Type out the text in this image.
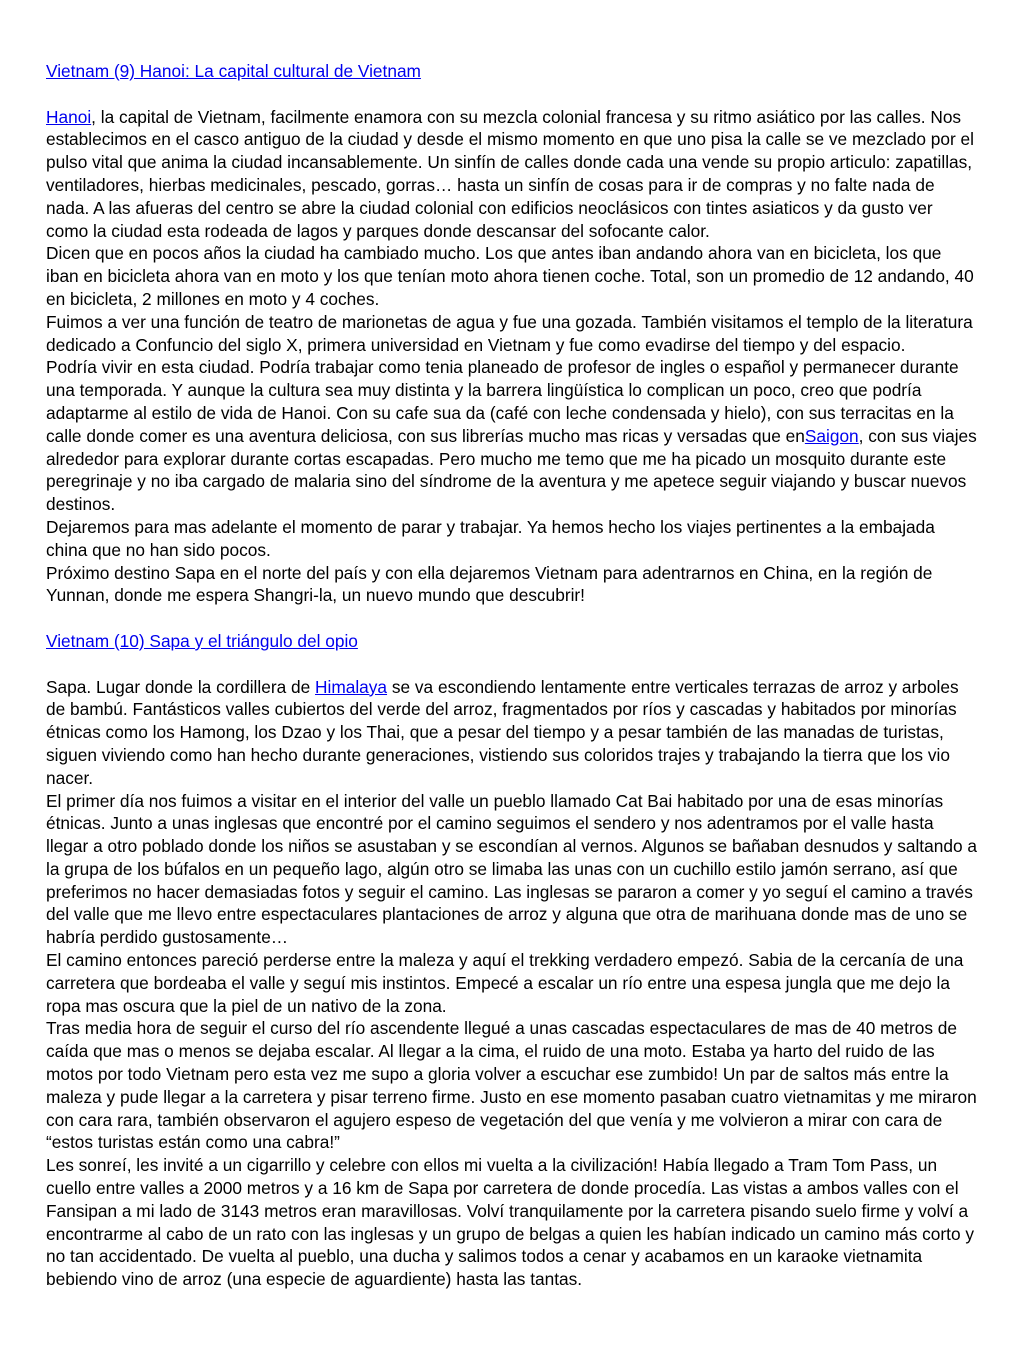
Vietnam (9) Hanoi: La capital cultural de Vietnam

Hanoi, la capital de Vietnam, facilmente enamora con su mezcla colonial francesa y su ritmo asiático por las calles. Nos establecimos en el casco antiguo de la ciudad y desde el mismo momento en que uno pisa la calle se ve mezclado por el pulso vital que anima la ciudad incansablemente. Un sinfín de calles donde cada una vende su propio articulo: zapatillas, ventiladores, hierbas medicinales, pescado, gorras… hasta un sinfín de cosas para ir de compras y no falte nada de nada. A las afueras del centro se abre la ciudad colonial con edificios neoclásicos con tintes asiaticos y da gusto ver como la ciudad esta rodeada de lagos y parques donde descansar del sofocante calor.

Dicen que en pocos años la ciudad ha cambiado mucho. Los que antes iban andando ahora van en bicicleta, los que iban en bicicleta ahora van en moto y los que tenían moto ahora tienen coche. Total, son un promedio de 12 andando, 40 en bicicleta, 2 millones en moto y 4 coches.

Fuimos a ver una función de teatro de marionetas de agua y fue una gozada. También visitamos el templo de la literatura dedicado a Confuncio del siglo X, primera universidad en Vietnam y fue como evadirse del tiempo y del espacio.

Podría vivir en esta ciudad. Podría trabajar como tenia planeado de profesor de ingles o español y permanecer durante una temporada. Y aunque la cultura sea muy distinta y la barrera lingüística lo complican un poco, creo que podría adaptarme al estilo de vida de Hanoi. Con su cafe sua da (café con leche condensada y hielo), con sus terracitas en la calle donde comer es una aventura deliciosa, con sus librerías mucho mas ricas y versadas que enSaigon, con sus viajes alrededor para explorar durante cortas escapadas. Pero mucho me temo que me ha picado un mosquito durante este peregrinaje y no iba cargado de malaria sino del síndrome de la aventura y me apetece seguir viajando y buscar nuevos destinos.

Dejaremos para mas adelante el momento de parar y trabajar. Ya hemos hecho los viajes pertinentes a la embajada china que no han sido pocos.

Próximo destino Sapa en el norte del país y con ella dejaremos Vietnam para adentrarnos en China, en la región de Yunnan, donde me espera Shangri-la, un nuevo mundo que descubrir!

Vietnam (10) Sapa y el triángulo del opio

Sapa. Lugar donde la cordillera de Himalaya se va escondiendo lentamente entre verticales terrazas de arroz y arboles de bambú. Fantásticos valles cubiertos del verde del arroz, fragmentados por ríos y cascadas y habitados por minorías étnicas como los Hamong, los Dzao y los Thai, que a pesar del tiempo y a pesar también de las manadas de turistas, siguen viviendo como han hecho durante generaciones, vistiendo sus coloridos trajes y trabajando la tierra que los vio nacer.

El primer día nos fuimos a visitar en el interior del valle un pueblo llamado Cat Bai habitado por una de esas minorías étnicas. Junto a unas inglesas que encontré por el camino seguimos el sendero y nos adentramos por el valle hasta llegar a otro poblado donde los niños se asustaban y se escondían al vernos. Algunos se bañaban desnudos y saltando a la grupa de los búfalos en un pequeño lago, algún otro se limaba las unas con un cuchillo estilo jamón serrano, así que preferimos no hacer demasiadas fotos y seguir el camino. Las inglesas se pararon a comer y yo seguí el camino a través del valle que me llevo entre espectaculares plantaciones de arroz y alguna que otra de marihuana donde mas de uno se habría perdido gustosamente…

El camino entonces pareció perderse entre la maleza y aquí el trekking verdadero empezó. Sabia de la cercanía de una carretera que bordeaba el valle y seguí mis instintos. Empecé a escalar un río entre una espesa jungla que me dejo la ropa mas oscura que la piel de un nativo de la zona.

Tras media hora de seguir el curso del río ascendente llegué a unas cascadas espectaculares de mas de 40 metros de caída que mas o menos se dejaba escalar. Al llegar a la cima, el ruido de una moto. Estaba ya harto del ruido de las motos por todo Vietnam pero esta vez me supo a gloria volver a escuchar ese zumbido! Un par de saltos más entre la maleza y pude llegar a la carretera y pisar terreno firme. Justo en ese momento pasaban cuatro vietnamitas y me miraron con cara rara, también observaron el agujero espeso de vegetación del que venía y me volvieron a mirar con cara de “estos turistas están como una cabra!”

Les sonreí, les invité a un cigarrillo y celebre con ellos mi vuelta a la civilización! Había llegado a Tram Tom Pass, un cuello entre valles a 2000 metros y a 16 km de Sapa por carretera de donde procedía. Las vistas a ambos valles con el Fansipan a mi lado de 3143 metros eran maravillosas. Volví tranquilamente por la carretera pisando suelo firme y volví a encontrarme al cabo de un rato con las inglesas y un grupo de belgas a quien les habían indicado un camino más corto y no tan accidentado. De vuelta al pueblo, una ducha y salimos todos a cenar y acabamos en un karaoke vietnamita bebiendo vino de arroz (una especie de aguardiente) hasta las tantas.
